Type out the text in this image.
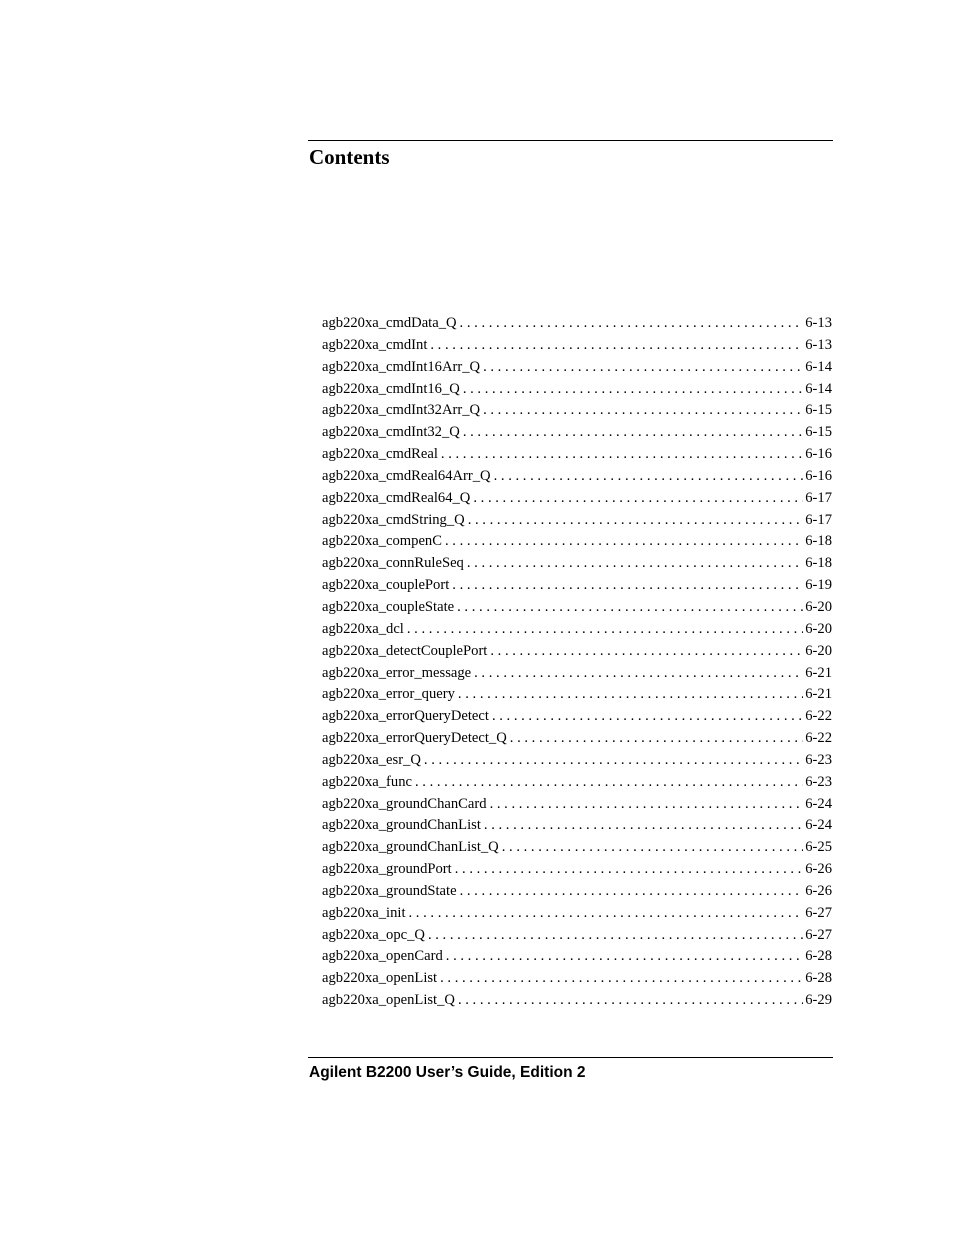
Contents
agb220xa_cmdData_Q . . .	6-13
agb220xa_cmdInt . . .	6-13
agb220xa_cmdInt16Arr_Q . . .	6-14
agb220xa_cmdInt16_Q . . .	6-14
agb220xa_cmdInt32Arr_Q . . .	6-15
agb220xa_cmdInt32_Q . . .	6-15
agb220xa_cmdReal . . .	6-16
agb220xa_cmdReal64Arr_Q . . .	6-16
agb220xa_cmdReal64_Q . . .	6-17
agb220xa_cmdString_Q . . .	6-17
agb220xa_compenC . . .	6-18
agb220xa_connRuleSeq . . .	6-18
agb220xa_couplePort . . .	6-19
agb220xa_coupleState . . .	6-20
agb220xa_dcl . . .	6-20
agb220xa_detectCouplePort . . .	6-20
agb220xa_error_message . . .	6-21
agb220xa_error_query . . .	6-21
agb220xa_errorQueryDetect . . .	6-22
agb220xa_errorQueryDetect_Q . . .	6-22
agb220xa_esr_Q . . .	6-23
agb220xa_func . . .	6-23
agb220xa_groundChanCard . . .	6-24
agb220xa_groundChanList . . .	6-24
agb220xa_groundChanList_Q . . .	6-25
agb220xa_groundPort . . .	6-26
agb220xa_groundState . . .	6-26
agb220xa_init . . .	6-27
agb220xa_opc_Q . . .	6-27
agb220xa_openCard . . .	6-28
agb220xa_openList . . .	6-28
agb220xa_openList_Q . . .	6-29

Agilent B2200 User’s Guide, Edition 2
